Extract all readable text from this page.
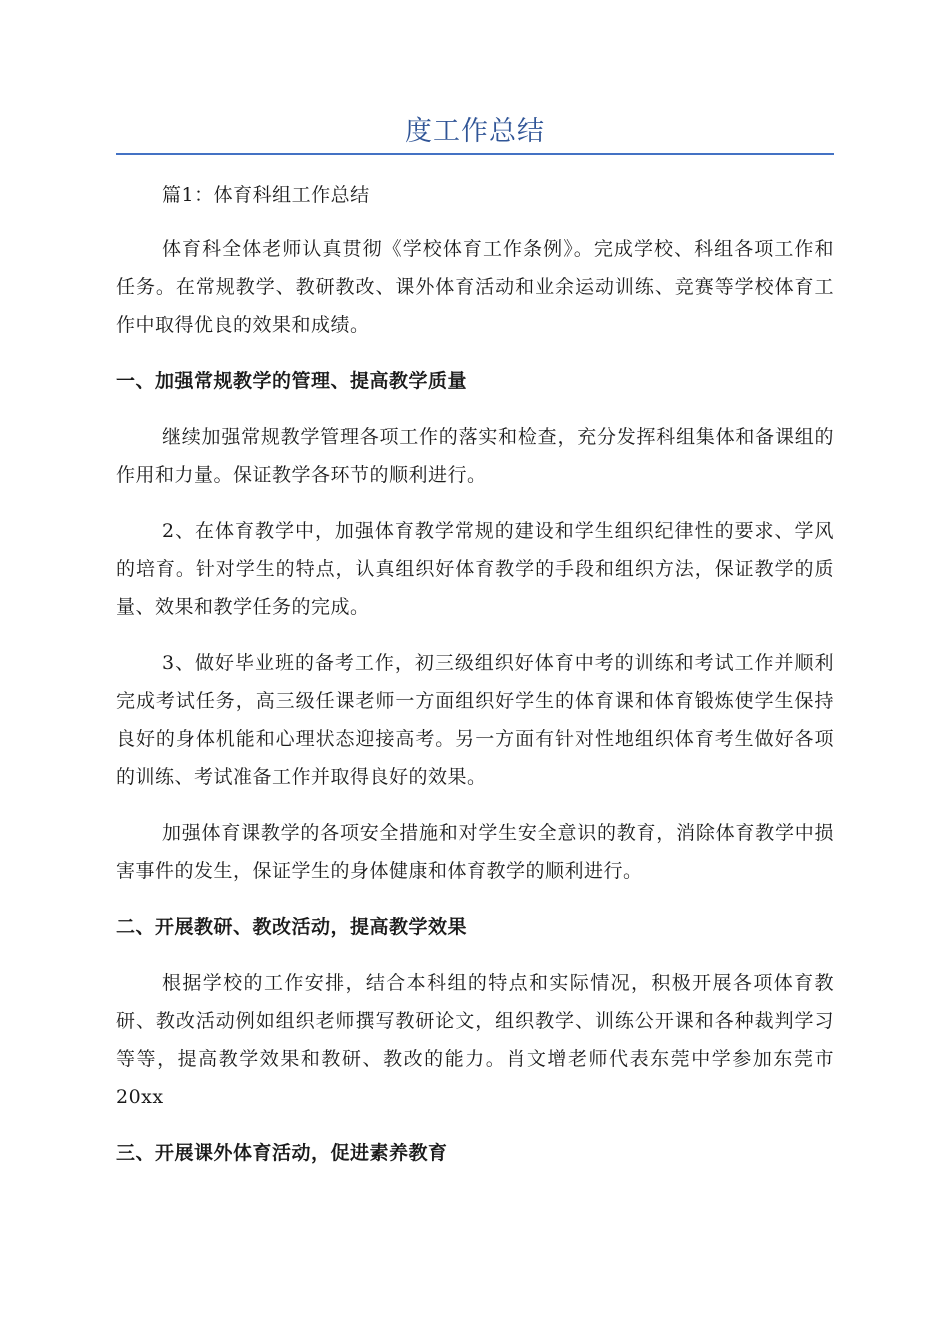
度工作总结

篇1：体育科组工作总结

体育科全体老师认真贯彻《学校体育工作条例》。完成学校、科组各项工作和任务。在常规教学、教研教改、课外体育活动和业余运动训练、竞赛等学校体育工作中取得优良的效果和成绩。

一、加强常规教学的管理、提高教学质量

继续加强常规教学管理各项工作的落实和检查，充分发挥科组集体和备课组的作用和力量。保证教学各环节的顺利进行。

2、在体育教学中，加强体育教学常规的建设和学生组织纪律性的要求、学风的培育。针对学生的特点，认真组织好体育教学的手段和组织方法，保证教学的质量、效果和教学任务的完成。

3、做好毕业班的备考工作，初三级组织好体育中考的训练和考试工作并顺利完成考试任务，高三级任课老师一方面组织好学生的体育课和体育锻炼使学生保持良好的身体机能和心理状态迎接高考。另一方面有针对性地组织体育考生做好各项的训练、考试准备工作并取得良好的效果。

加强体育课教学的各项安全措施和对学生安全意识的教育，消除体育教学中损害事件的发生，保证学生的身体健康和体育教学的顺利进行。

二、开展教研、教改活动，提高教学效果

根据学校的工作安排，结合本科组的特点和实际情况，积极开展各项体育教研、教改活动例如组织老师撰写教研论文，组织教学、训练公开课和各种裁判学习等等，提高教学效果和教研、教改的能力。肖文增老师代表东莞中学参加东莞市20xx

三、开展课外体育活动，促进素养教育
